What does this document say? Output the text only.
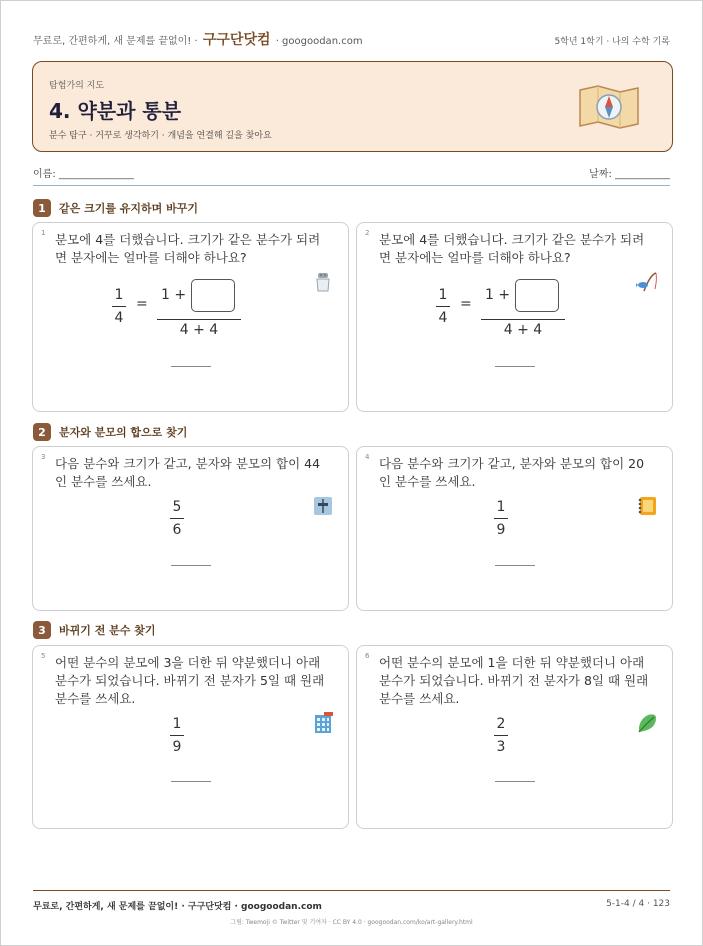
무료로, 간편하게, 새 문제를 끝없이! · 구구단닷컴 · googoodan.com	5학년 1학기 · 나의 수학 기록
탐험가의 지도
4. 약분과 통분
분수 탐구 · 거꾸로 생각하기 · 개념을 연결해 길을 찾아요
이름: _______________	날짜: ___________
1	같은 크기를 유지하며 바꾸기
1 분모에 4를 더했습니다. 크기가 같은 분수가 되려면 분자에는 얼마를 더해야 하나요?
1
4
=
1 +
4 + 4
2 분모에 4를 더했습니다. 크기가 같은 분수가 되려면 분자에는 얼마를 더해야 하나요?
1
4
=
1 +
4 + 4
2	분자와 분모의 합으로 찾기
3 다음 분수와 크기가 같고, 분자와 분모의 합이 44인 분수를 쓰세요.
5
6
4 다음 분수와 크기가 같고, 분자와 분모의 합이 20인 분수를 쓰세요.
1
9
3	바뀌기 전 분수 찾기
5 어떤 분수의 분모에 3을 더한 뒤 약분했더니 아래 분수가 되었습니다. 바뀌기 전 분자가 5일 때 원래 분수를 쓰세요.
1
9
6 어떤 분수의 분모에 1을 더한 뒤 약분했더니 아래 분수가 되었습니다. 바뀌기 전 분자가 8일 때 원래 분수를 쓰세요.
2
3
무료로, 간편하게, 새 문제를 끝없이! · 구구단닷컴 · googoodan.com	5-1-4 / 4 · 123
그림: Twemoji © Twitter 및 기여자 · CC BY 4.0 · googoodan.com/ko/art-gallery.html
